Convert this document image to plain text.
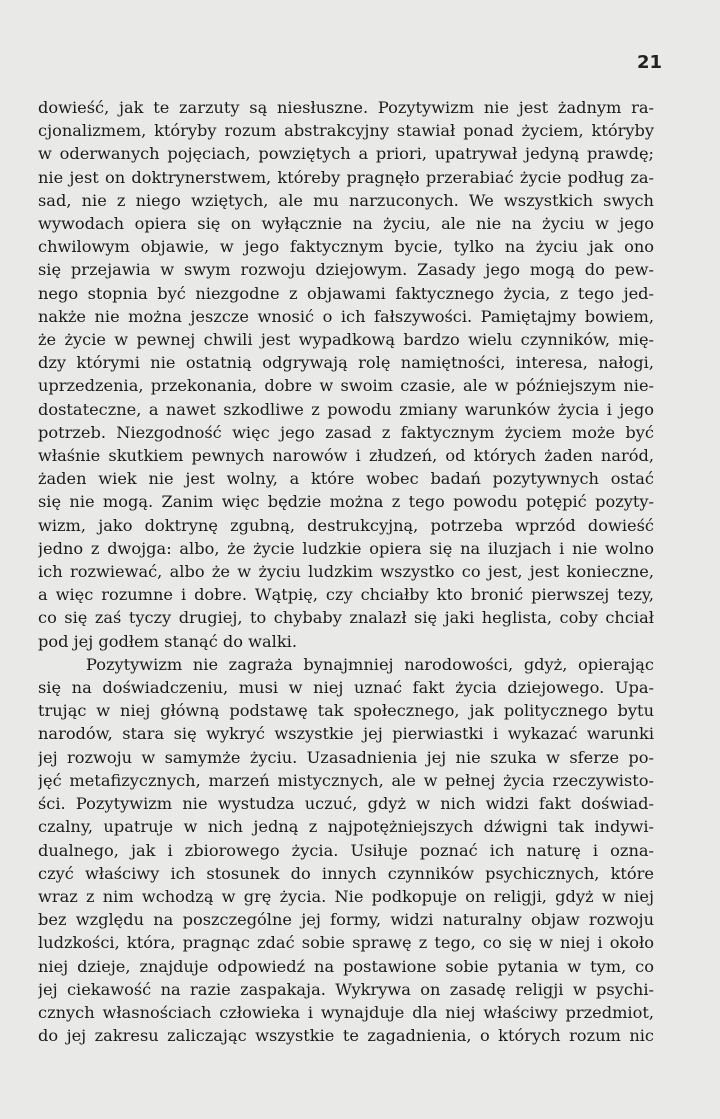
21
dowieść, jak te zarzuty są niesłuszne. Pozytywizm nie jest żadnym ra-
cjonalizmem, któryby rozum abstrakcyjny stawiał ponad życiem, któryby
w oderwanych pojęciach, powziętych a priori, upatrywał jedyną prawdę;
nie jest on doktrynerstwem, któreby pragnęło przerabiać życie podług za-
sad, nie z niego wziętych, ale mu narzuconych. We wszystkich swych
wywodach opiera się on wyłącznie na życiu, ale nie na życiu w jego
chwilowym objawie, w jego faktycznym bycie, tylko na życiu jak ono
się przejawia w swym rozwoju dziejowym. Zasady jego mogą do pew-
nego stopnia być niezgodne z objawami faktycznego życia, z tego jed-
nakże nie można jeszcze wnosić o ich fałszywości. Pamiętajmy bowiem,
że życie w pewnej chwili jest wypadkową bardzo wielu czynników, mię-
dzy którymi nie ostatnią odgrywają rolę namiętności, interesa, nałogi,
uprzedzenia, przekonania, dobre w swoim czasie, ale w późniejszym nie-
dostateczne, a nawet szkodliwe z powodu zmiany warunków życia i jego
potrzeb. Niezgodność więc jego zasad z faktycznym życiem może być
właśnie skutkiem pewnych narowów i złudzeń, od których żaden naród,
żaden wiek nie jest wolny, a które wobec badań pozytywnych ostać
się nie mogą. Zanim więc będzie można z tego powodu potępić pozyty-
wizm, jako doktrynę zgubną, destrukcyjną, potrzeba wprzód dowieść
jedno z dwojga: albo, że życie ludzkie opiera się na iluzjach i nie wolno
ich rozwiewać, albo że w życiu ludzkim wszystko co jest, jest konieczne,
a więc rozumne i dobre. Wątpię, czy chciałby kto bronić pierwszej tezy,
co się zaś tyczy drugiej, to chybaby znalazł się jaki heglista, coby chciał
pod jej godłem stanąć do walki.
Pozytywizm nie zagraża bynajmniej narodowości, gdyż, opierając
się na doświadczeniu, musi w niej uznać fakt życia dziejowego. Upa-
trując w niej główną podstawę tak społecznego, jak politycznego bytu
narodów, stara się wykryć wszystkie jej pierwiastki i wykazać warunki
jej rozwoju w samymże życiu. Uzasadnienia jej nie szuka w sferze po-
jęć metafizycznych, marzeń mistycznych, ale w pełnej życia rzeczywisto-
ści. Pozytywizm nie wystudza uczuć, gdyż w nich widzi fakt doświad-
czalny, upatruje w nich jedną z najpotężniejszych dźwigni tak indywi-
dualnego, jak i zbiorowego życia. Usiłuje poznać ich naturę i ozna-
czyć właściwy ich stosunek do innych czynników psychicznych, które
wraz z nim wchodzą w grę życia. Nie podkopuje on religji, gdyż w niej
bez względu na poszczególne jej formy, widzi naturalny objaw rozwoju
ludzkości, która, pragnąc zdać sobie sprawę z tego, co się w niej i około
niej dzieje, znajduje odpowiedź na postawione sobie pytania w tym, co
jej ciekawość na razie zaspakaja. Wykrywa on zasadę religji w psychi-
cznych własnościach człowieka i wynajduje dla niej właściwy przedmiot,
do jej zakresu zaliczając wszystkie te zagadnienia, o których rozum nic
